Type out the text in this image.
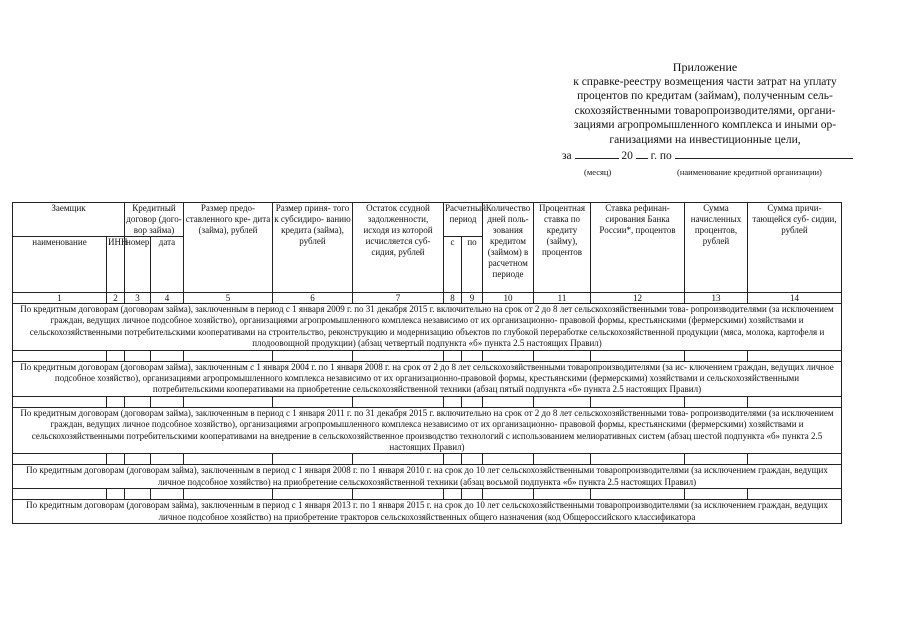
Приложение
к справке-реестру возмещения части затрат на уплату
процентов по кредитам (займам), полученным сель-
скохозяйственными товаропроизводителями, органи-
зациями агропромышленного комплекса и иными ор-
ганизациями на инвестиционные цели,
за	20 г. по
(месяц)	(наименование кредитной организации)
Заемщик		Кредитный договор (дого- вор займа)		Размер предо- ставленного кре- дита (займа), рублей	Размер приня- того к субсидиро- ванию кредита (займа), рублей	Остаток ссудной задолженности, исходя из которой исчисляется суб- сидия, рублей	Расчетный период		Количество дней поль- зования кредитом (займом) в расчетном периоде	Процентная ставка по кредиту (займу), процентов	Ставка рефинан- сирования Банка России*, процентов	Сумма начисленных процентов, рублей	Сумма причи- тающейся суб- сидии, рублей
наименование	ИНН	номер	дата				с	по					
1	2	3	4	5	6	7	8	9	10	11	12	13	14
По кредитным договорам (договорам займа), заключенным в период с 1 января 2009 г. по 31 декабря 2015 г. включительно на срок от 2 до 8 лет сельскохозяйственными това- ропроизводителями (за исключением граждан, ведущих личное подсобное хозяйство), организациями агропромышленного комплекса независимо от их организационно- правовой формы, крестьянскими (фермерскими) хозяйствами и сельскохозяйственными потребительскими кооперативами на строительство, реконструкцию и модернизацию объектов по глубокой переработке сельскохозяйственной продукции (мяса, молока, картофеля и плодоовощной продукции) (абзац четвертый подпункта «б» пункта 2.5 настоящих Правил)													

По кредитным договорам (договорам займа), заключенным с 1 января 2004 г. по 1 января 2008 г. на срок от 2 до 8 лет сельскохозяйственными товаропроизводителями (за ис- ключением граждан, ведущих личное подсобное хозяйство), организациями агропромышленного комплекса независимо от их организационно-правовой формы, крестьянскими (фермерскими) хозяйствами и сельскохозяйственными потребительскими кооперативами на приобретение сельскохозяйственной техники (абзац пятый подпункта «б» пункта 2.5 настоящих Правил)													

По кредитным договорам (договорам займа), заключенным в период с 1 января 2011 г. по 31 декабря 2015 г. включительно на срок от 2 до 8 лет сельскохозяйственными това- ропроизводителями (за исключением граждан, ведущих личное подсобное хозяйство), организациями агропромышленного комплекса независимо от их организационно- правовой формы, крестьянскими (фермерскими) хозяйствами и сельскохозяйственными потребительскими кооперативами на внедрение в сельскохозяйственное производство технологий с использованием мелиоративных систем (абзац шестой подпункта «б» пункта 2.5 настоящих Правил)													

По кредитным договорам (договорам займа), заключенным в период с 1 января 2008 г. по 1 января 2010 г. на срок до 10 лет сельскохозяйственными товаропроизводителями (за исключением граждан, ведущих личное подсобное хозяйство) на приобретение сельскохозяйственной техники (абзац восьмой подпункта «б» пункта 2.5 настоящих Правил)													

По кредитным договорам (договорам займа), заключенным в период с 1 января 2013 г. по 1 января 2015 г. на срок до 10 лет сельскохозяйственными товаропроизводителями (за исключением граждан, ведущих личное подсобное хозяйство) на приобретение тракторов сельскохозяйственных общего назначения (код Общероссийского классификатора													
